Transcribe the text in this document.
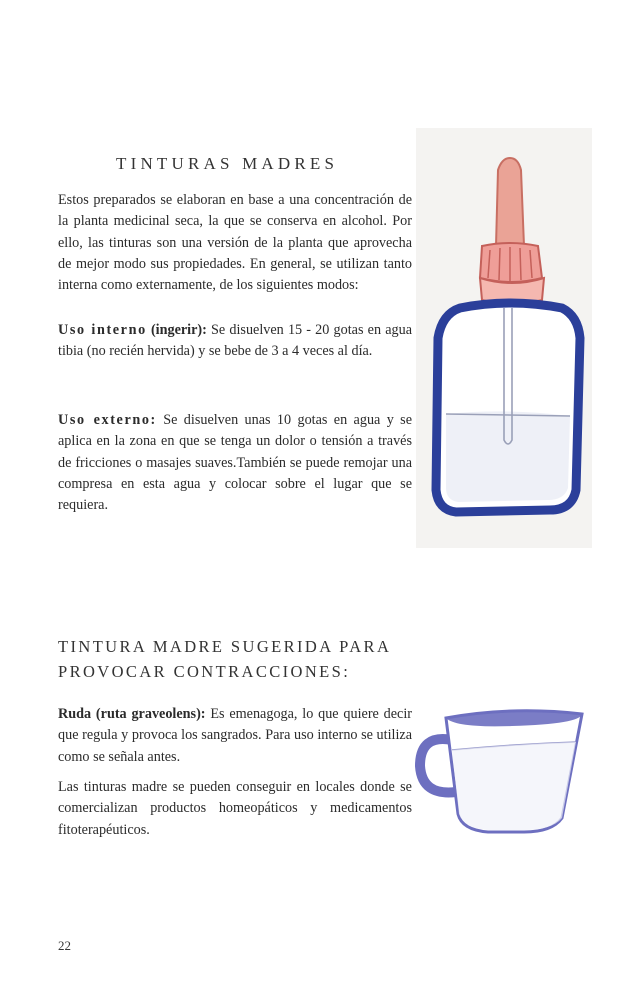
TINTURAS MADRES

Estos preparados se elaboran en base a una concentración de la planta medicinal seca, la que se conserva en alcohol. Por ello, las tinturas son una versión de la planta que aprovecha de mejor modo sus propiedades. En general, se utilizan tanto interna como externamente, de los siguientes modos:

Uso interno (ingerir): Se disuelven 15 - 20 gotas en agua tibia (no recién hervida) y se bebe de 3 a 4 veces al día.

Uso externo: Se disuelven unas 10 gotas en agua y se aplica en la zona en que se tenga un dolor o tensión a través de fricciones o masajes suaves.También se puede remojar una compresa en esta agua y colocar sobre el lugar que se requiera.

TINTURA MADRE SUGERIDA PARA PROVOCAR CONTRACCIONES:

Ruda (ruta graveolens): Es emenagoga, lo que quiere decir que regula y provoca los sangrados. Para uso interno se utiliza como se señala antes.

Las tinturas madre se pueden conseguir en locales donde se comercializan productos homeopáticos y medicamentos fitoterapéuticos.

22
